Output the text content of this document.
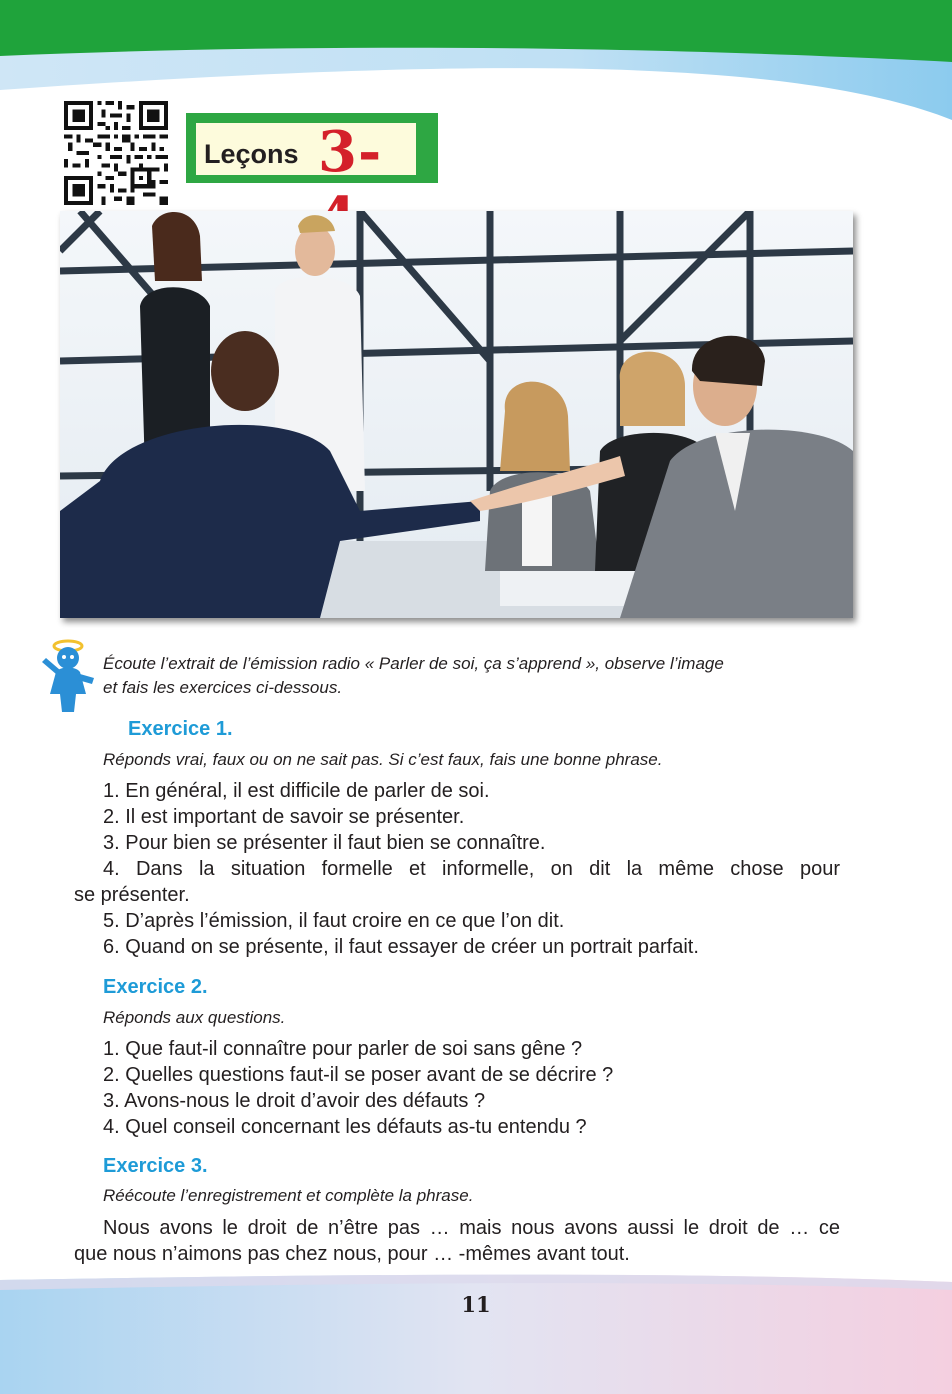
Leçons 3-
Écoute l’extrait de l’émission radio « Parler de soi, ça s’apprend », observe l’image
et fais les exercices ci-dessous.
Exercice 1.
Réponds vrai, faux ou on ne sait pas. Si c’est faux, fais une bonne phrase.
1. En général, il est difficile de parler de soi.
2. Il est important de savoir se présenter.
3. Pour bien se présenter il faut bien se connaître.
4. Dans la situation formelle et informelle, on dit la même chose pour
se présenter.
5. D’après l’émission, il faut croire en ce que l’on dit.
6. Quand on se présente, il faut essayer de créer un portrait parfait.
Exercice 2.
Réponds aux questions.
1. Que faut-il connaître pour parler de soi sans gêne ?
2. Quelles questions faut-il se poser avant de se décrire ?
3. Avons-nous le droit d’avoir des défauts ?
4. Quel conseil concernant les défauts as-tu entendu ?
Exercice 3.
Réécoute l’enregistrement et complète la phrase.
Nous avons le droit de n’être pas … mais nous avons aussi le droit de … ce
que nous n’aimons pas chez nous, pour … -mêmes avant tout.
11
